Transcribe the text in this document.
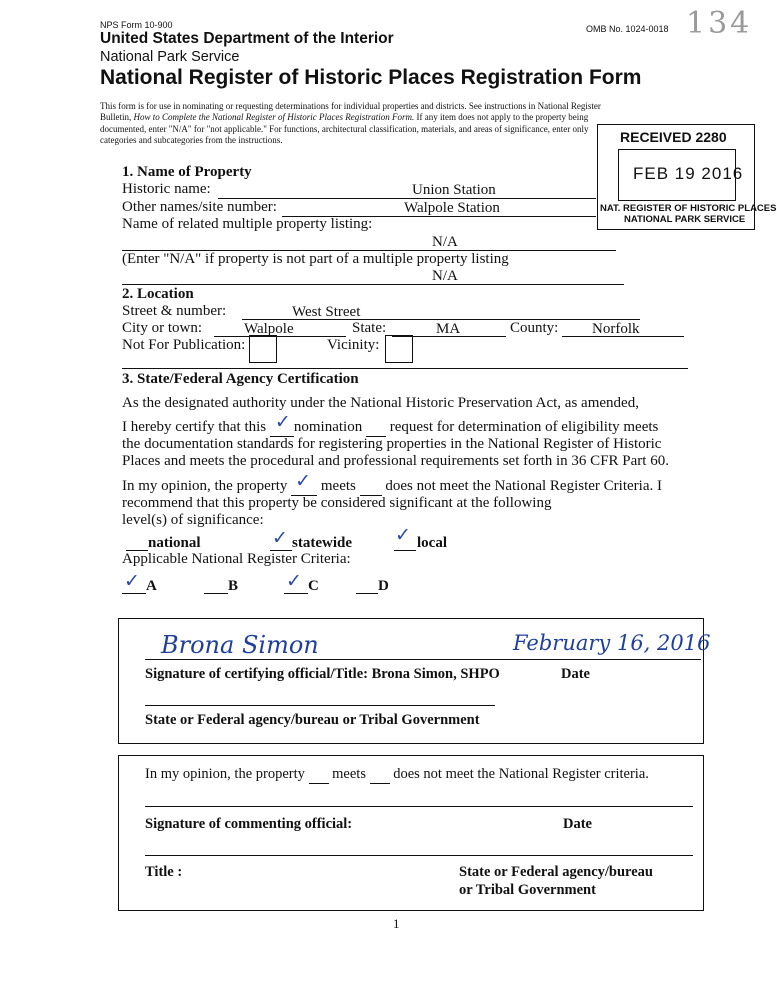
NPS Form 10-900	OMB No. 1024-0018 134
United States Department of the Interior
National Park Service
National Register of Historic Places Registration Form
This form is for use in nominating or requesting determinations for individual properties and districts. See instructions in National Register
Bulletin, How to Complete the National Register of Historic Places Registration Form. If any item does not apply to the property being
documented, enter "N/A" for "not applicable." For functions, architectural classification, materials, and areas of significance, enter only
categories and subcategories from the instructions.	RECEIVED 2280
FEB 19 2016
NAT. REGISTER OF HISTORIC PLACES
NATIONAL PARK SERVICE
1. Name of Property
Historic name:	Union Station
Other names/site number:	Walpole Station
Name of related multiple property listing:
N/A
(Enter "N/A" if property is not part of a multiple property listing
N/A
2. Location
Street & number:	West Street
City or town:	Walpole	State:	MA	County: Norfolk
Not For Publication:	Vicinity:
3. State/Federal Agency Certification
As the designated authority under the National Historic Preservation Act, as amended,
I hereby certify that this ✓ nomination request for determination of eligibility meets
the documentation standards for registering properties in the National Register of Historic
Places and meets the procedural and professional requirements set forth in 36 CFR Part 60.
In my opinion, the property ✓ meets does not meet the National Register Criteria. I
recommend that this property be considered significant at the following
level(s) of significance:
national	✓ statewide ✓ local
Applicable National Register Criteria:
✓ A	B	✓ C	D
Brona Simon	February 16, 2016
Signature of certifying official/Title: Brona Simon, SHPO	Date
State or Federal agency/bureau or Tribal Government
In my opinion, the property meets does not meet the National Register criteria.
Signature of commenting official:	Date
Title :	State or Federal agency/bureau
or Tribal Government
1
